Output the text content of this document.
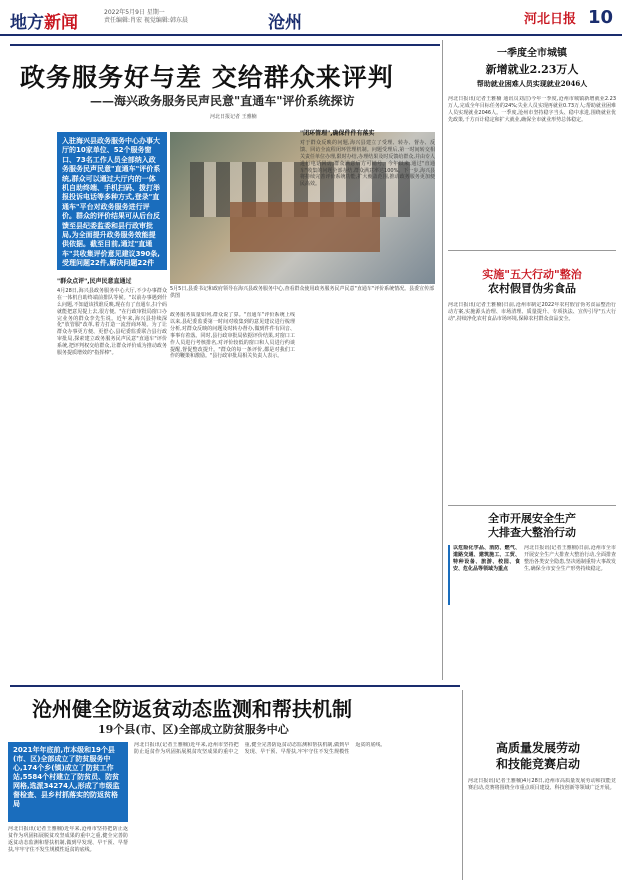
地方新闻
2022年5月9日 星期一
责任编辑:肖宏 视觉编辑:韩东晨	沧州	河北日报 10
政务服务好与差 交给群众来评判
——海兴政务服务民声民意"直通车"评价系统探访
河北日报记者 王雅楠
入驻海兴县政务服务中心办事大厅的10家单位、52个服务窗口、73名工作人员全部纳入政务服务民声民意"直通车"评价系统,群众可以通过大厅内的一体机自助终端、手机扫码、拨打举报投诉电话等多种方式,登录"直通车"平台对政务服务进行评价。群众的评价结果可从后台反馈至县纪委监委和县行政审批局,为全面提升政务服务效能提供依据。截至目前,通过"直通车"共收集评价意见建议390条,受理问题22件,解决问题22件
5月5日,县委书记和政府领导在海兴县政务服务中心,查看群众使用政务服务民声民意"直通车"评价系统情况。县委宣传部供图
"群众点评",民声民意直通过
4月28日,海兴县政务服务中心大厅,不少办事群众在一体机自助终端前排队等候。"以前办事遇到什么问题,不知道该找谁反映,现在有了直通车,扫个码就能把意见提上去,很方便。"在行政审批局窗口办完业务的群众李先生说。近年来,海兴县持续深化"放管服"改革,着力打造一流营商环境。为了让群众办事更方便、更舒心,县纪委监委联合县行政审批局,探索建立政务服务民声民意"直通车"评价系统,把评判权交给群众,让群众评价成为推动政务服务提质增效的"指挥棒"。
政务服务质量如何,群众说了算。"直通车"评价系统上线以来,县纪委监委第一时间对收集到的意见建议进行梳理分析,对群众反映的问题及时转办督办,做到件件有回音、事事有着落。同时,县行政审批局依据评价结果,对窗口工作人员进行考核排名,对评价较低的窗口和人员进行约谈提醒,督促整改提升。"群众的每一条评价,都是对我们工作的鞭策和激励。"县行政审批局相关负责人表示。
"闭环管理",确保件件有落实
对于群众反映的问题,海兴县建立了受理、转办、督办、反馈、回访全流程闭环管理机制。问题受理后,第一时间转交相关责任单位办理,限时办结,办理结果及时反馈给群众,并由专人进行电话回访,群众满意后方可销号。今年以来,通过"直通车"收集的问题全部办结,群众满意率达100%。下一步,海兴县将持续完善评价系统功能,扩大覆盖范围,推动政务服务更加便民高效。
一季度全市城镇
新增就业2.23万人
帮助就业困难人员实现就业2046人
河北日报讯(记者王雅楠 通讯员刘洁)今年一季度,沧州市城镇新增就业2.23万人,完成全年目标任务的24%;失业人员实现再就业0.73万人;帮助就业困难人员实现就业2046人。一季度,沧州市坚持稳字当头、稳中求进,围绕就业优先政策,千方百计稳定和扩大就业,确保全市就业形势总体稳定。
实施"五大行动"整治
农村假冒伪劣食品
河北日报讯(记者王雅楠)日前,沧州市制定2022年农村假冒伪劣食品整治行动方案,实施源头治理、市场清理、质量提升、专项执法、宣传引导"五大行动",持续净化农村食品市场环境,保障农村群众食品安全。
全市开展安全生产
大排查大整治行动
以危险化学品、消防、燃气、道路交通、建筑施工、工贸、特种设备、旅游、校园、食安、危化品等领域为重点
河北日报讯(记者王雅楠)日前,沧州市全市开展安全生产大排查大整治行动,全面排查整治各类安全隐患,坚决遏制重特大事故发生,确保全市安全生产形势持续稳定。
沧州健全防返贫动态监测和帮扶机制
19个县(市、区)全部成立防贫服务中心
2021年年底前,市本级和19个县(市、区)全部成立了防贫服务中心,174个乡(镇)成立了防贫工作站,5584个村建立了防贫员、防贫网格,选派34274人,形成了市级监督检查、县乡村抓落实的防返贫格局
河北日报讯(记者王雅楠)近年来,沧州市坚持把防止返贫作为巩固拓展脱贫攻坚成果的重中之重,健全完善防返贫动态监测和帮扶机制,做到早发现、早干预、早帮扶,牢牢守住不发生规模性返贫的底线。
河北日报讯(记者王雅楠)近年来,沧州市坚持把防止返贫作为巩固拓展脱贫攻坚成果的重中之重,健全完善防返贫动态监测和帮扶机制,做到早发现、早干预、早帮扶,牢牢守住不发生规模性返贫的底线。	高质量发展劳动
和技能竞赛启动
河北日报讯(记者王雅楠)4月28日,沧州市高质量发展劳动和技能竞赛启动,竞赛将围绕全市重点项目建设、科技创新等领域广泛开展。
